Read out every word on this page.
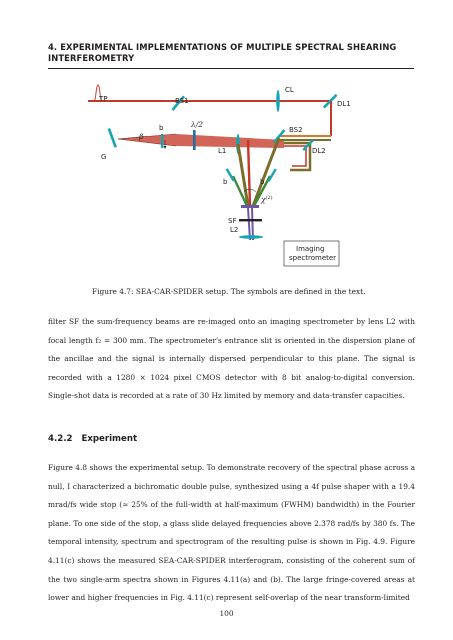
4. EXPERIMENTAL IMPLEMENTATIONS OF MULTIPLE SPECTRAL SHEARING
INTERFEROMETRY
TP	BS1
CL
DL1
G
β
b	λ/2
BS2
L1	DL2
b	b
$\chi^{(2)}$
SF
L2
Imaging
spectrometer
Figure 4.7: SEA-CAR-SPIDER setup. The symbols are defined in the text.

filter SF the sum-frequency beams are re-imaged onto an imaging spectrometer by lens L2 with focal length f₂ = 300 mm. The spectrometer's entrance slit is oriented in the dispersion plane of the ancillae and the signal is internally dispersed perpendicular to this plane. The signal is recorded with a 1280 × 1024 pixel CMOS detector with 8 bit analog-to-digital conversion. Single-shot data is recorded at a rate of 30 Hz limited by memory and data-transfer capacities.

4.2.2 Experiment

Figure 4.8 shows the experimental setup. To demonstrate recovery of the spectral phase across a null, I characterized a bichromatic double pulse, synthesized using a 4f pulse shaper with a 19.4 mrad/fs wide stop (≈ 25% of the full-width at half-maximum (FWHM) bandwidth) in the Fourier plane. To one side of the stop, a glass slide delayed frequencies above 2.378 rad/fs by 380 fs. The temporal intensity, spectrum and spectrogram of the resulting pulse is shown in Fig. 4.9. Figure 4.11(c) shows the measured SEA-CAR-SPIDER interferogram, consisting of the coherent sum of the two single-arm spectra shown in Figures 4.11(a) and (b). The large fringe-covered areas at lower and higher frequencies in Fig. 4.11(c) represent self-overlap of the near transform-limited

100
